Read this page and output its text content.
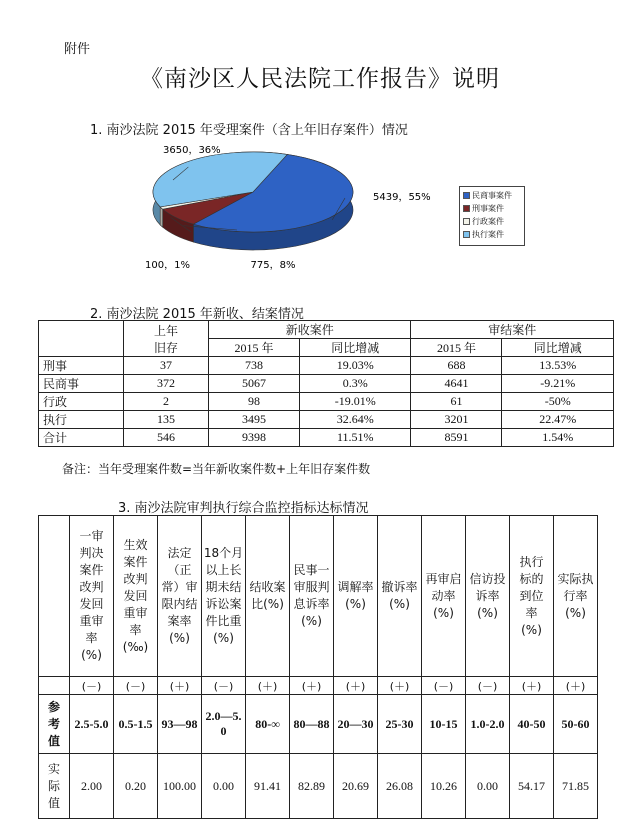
附件
《南沙区人民法院工作报告》说明
1. 南沙法院 2015 年受理案件（含上年旧存案件）情况
5439，55%
775，8%
100，1%
3650，36%
民商事案件
刑事案件
行政案件
执行案件
2. 南沙法院 2015 年新收、结案情况
	上年旧存	新收案件		审结案件	
		2015 年	同比增减	2015 年	同比增减
刑事	37	738	19.03%	688	13.53%
民商事	372	5067	0.3%	4641	-9.21%
行政	2	98	-19.01%	61	-50%
执行	135	3495	32.64%	3201	22.47%
合计	546	9398	11.51%	8591	1.54%
备注：当年受理案件数=当年新收案件数+上年旧存案件数
3. 南沙法院审判执行综合监控指标达标情况
	一审判决案件改判发回重审率(%)	生效案件改判发回重审率(‰)	法定（正常）审限内结案率(%)	18个月以上长期未结诉讼案件比重(%)	结收案比(%)	民事一审服判息诉率(%)	调解率(%)	撤诉率(%)	再审启动率(%)	信访投诉率(%)	执行标的到位率(%)	实际执行率(%)
	(－)	(－)	(＋)	(－)	(＋)	(＋)	(＋)	(＋)	(－)	(－)	(＋)	(＋)
参考值	2.5-5.0	0.5-1.5	93—98	2.0—5.0	80-∞	80—88	20—30	25-30	10-15	1.0-2.0	40-50	50-60
实际值	2.00	0.20	100.00	0.00	91.41	82.89	20.69	26.08	10.26	0.00	54.17	71.85
